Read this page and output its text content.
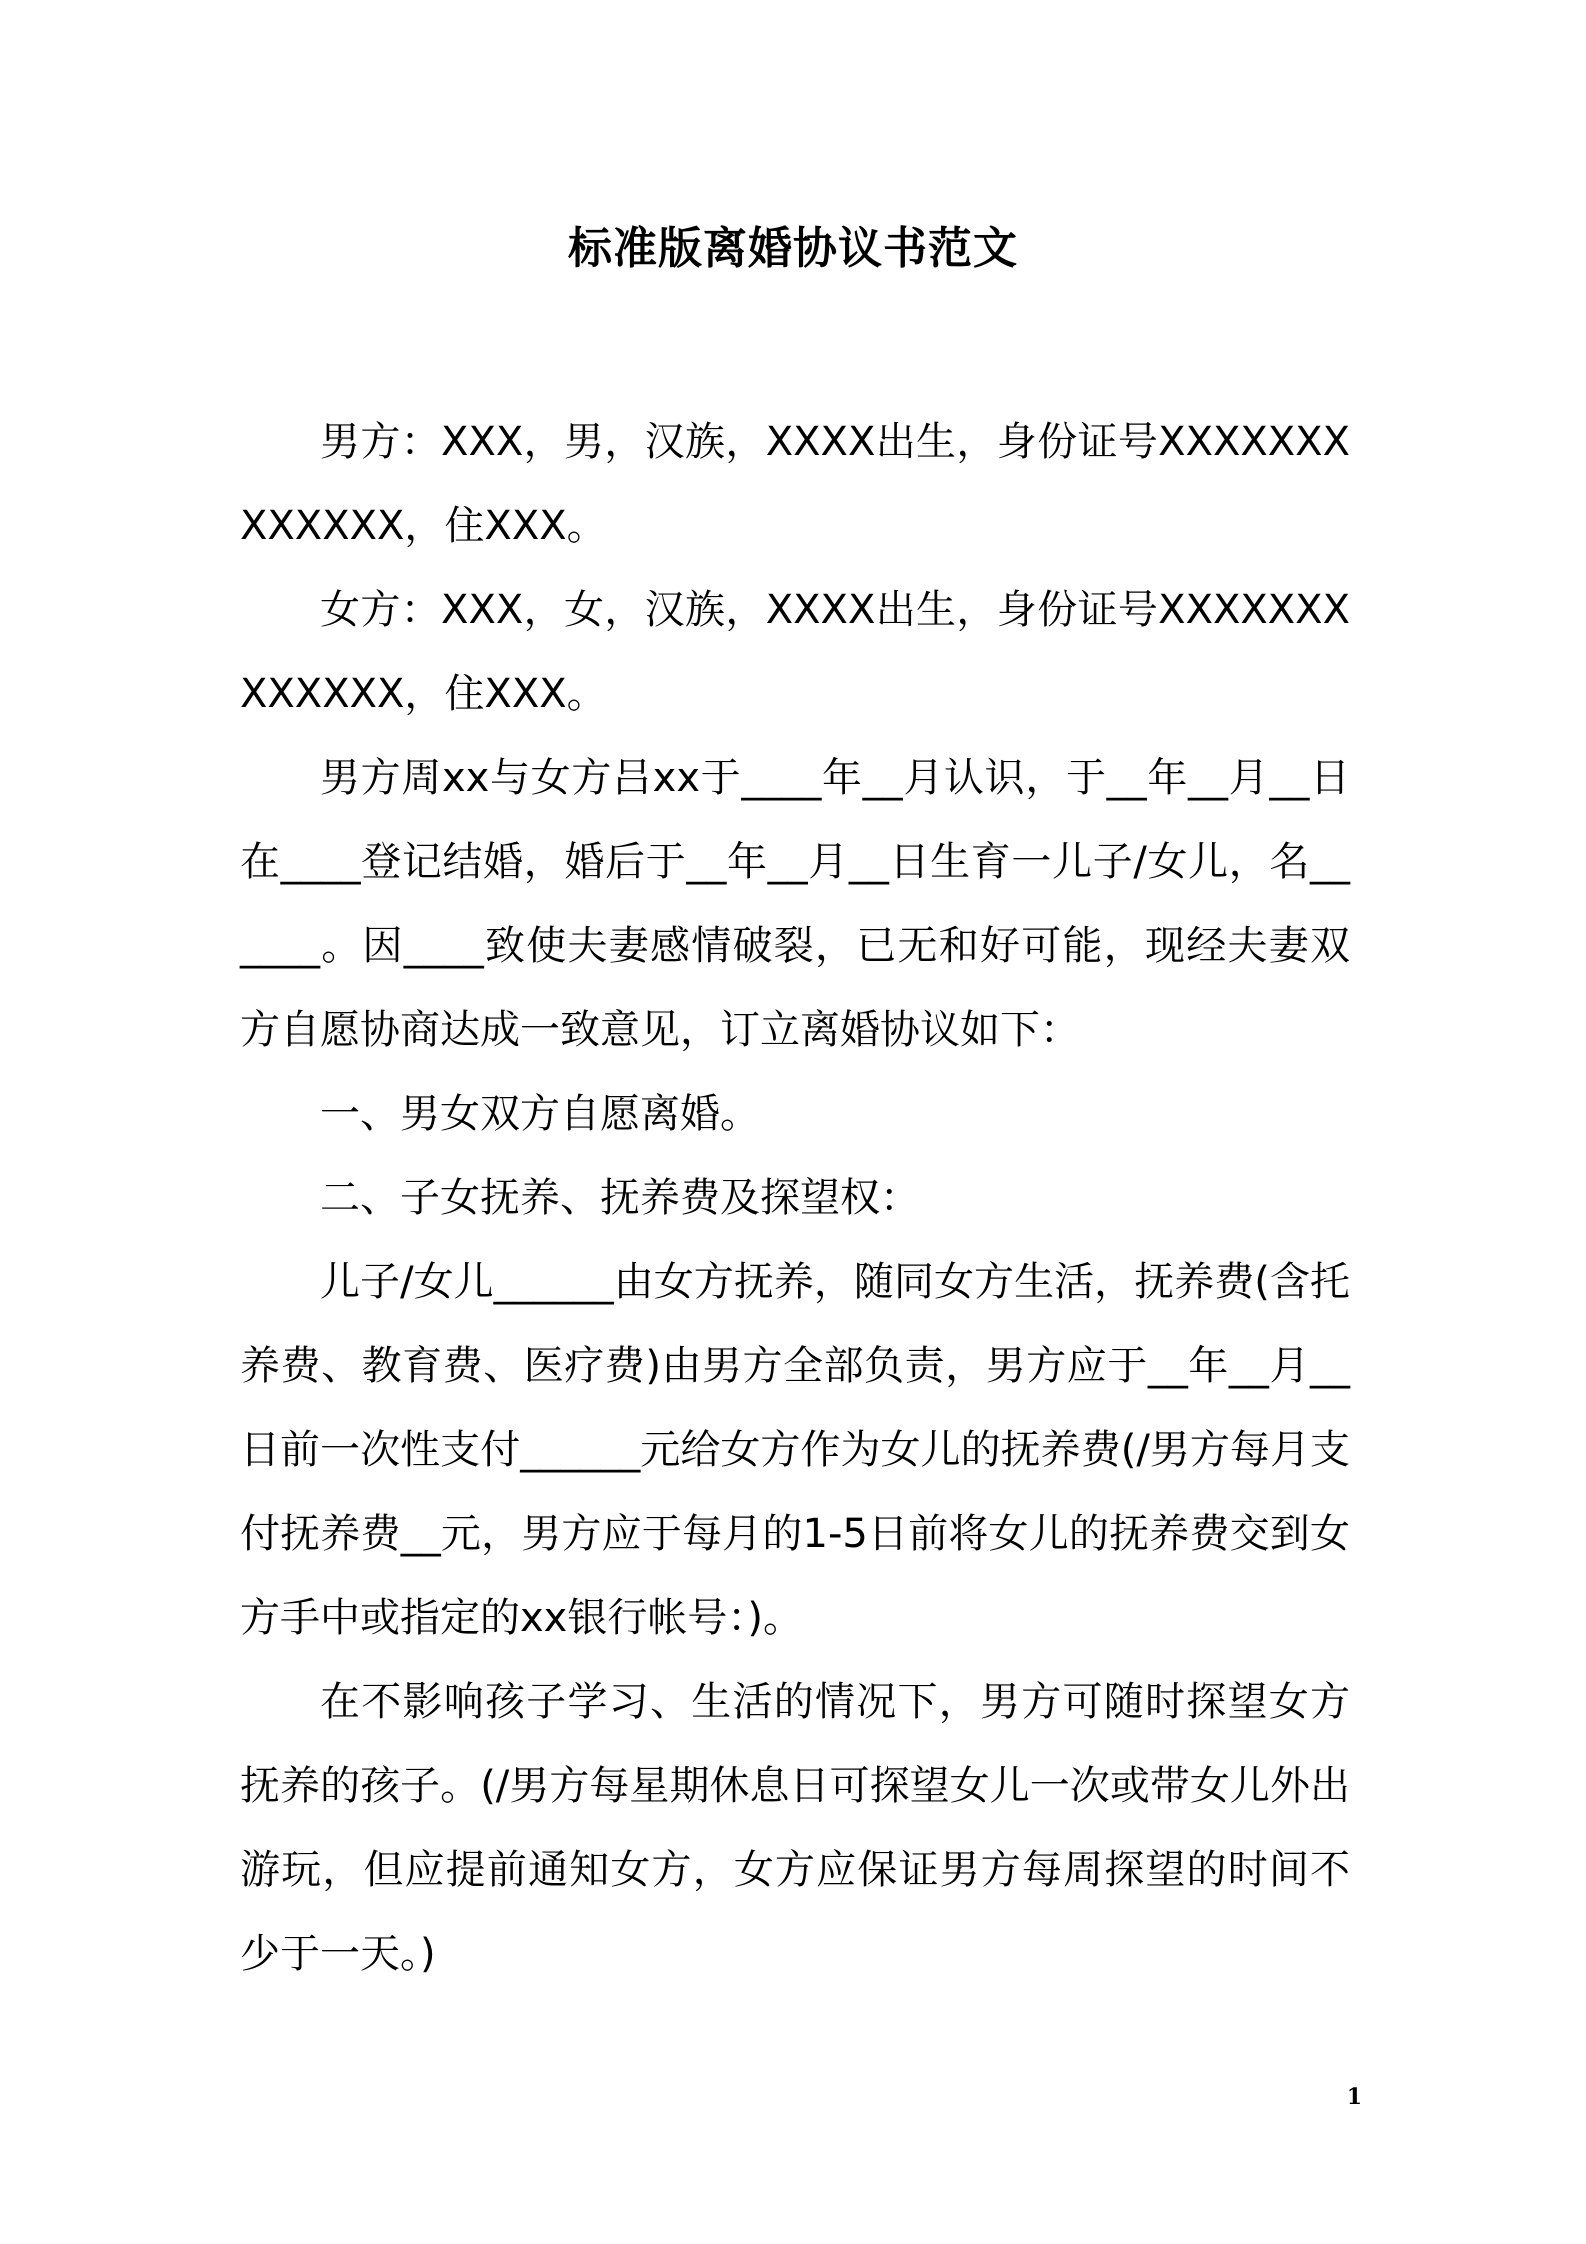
标准版离婚协议书范文

男方：XXX，男，汉族，XXXX出生，身份证号XXXXXXXXXXXXX，住XXX。

女方：XXX，女，汉族，XXXX出生，身份证号XXXXXXXXXXXXX，住XXX。

男方周xx与女方吕xx于____年__月认识，于__年__月__日在____登记结婚，婚后于__年__月__日生育一儿子/女儿，名______。因____致使夫妻感情破裂，已无和好可能，现经夫妻双方自愿协商达成一致意见，订立离婚协议如下：

一、男女双方自愿离婚。

二、子女抚养、抚养费及探望权：

儿子/女儿______由女方抚养，随同女方生活，抚养费(含托养费、教育费、医疗费)由男方全部负责，男方应于__年__月__日前一次性支付______元给女方作为女儿的抚养费(/男方每月支付抚养费__元，男方应于每月的1-5日前将女儿的抚养费交到女方手中或指定的xx银行帐号：)。

在不影响孩子学习、生活的情况下，男方可随时探望女方抚养的孩子。(/男方每星期休息日可探望女儿一次或带女儿外出游玩，但应提前通知女方，女方应保证男方每周探望的时间不少于一天。)

1
